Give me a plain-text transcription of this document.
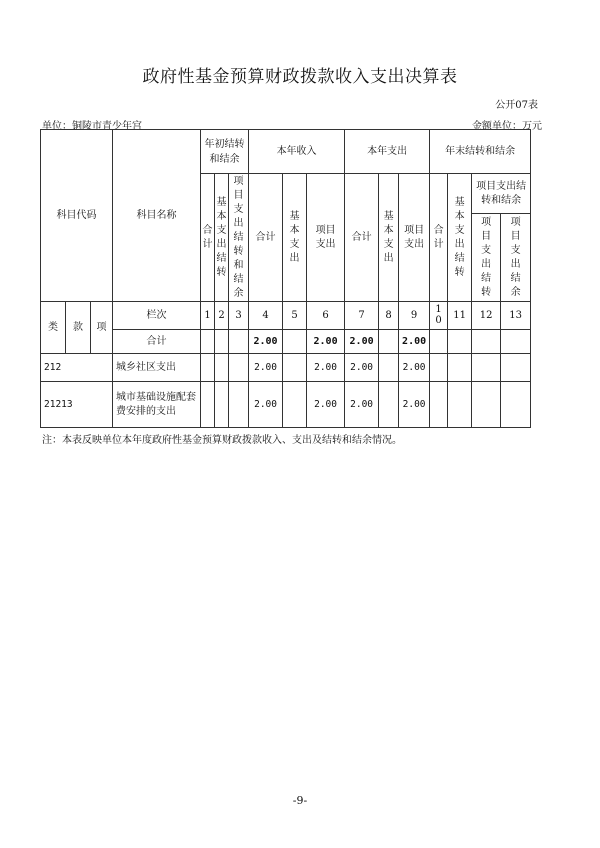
政府性基金预算财政拨款收入支出决算表
公开07表
单位：铜陵市青少年宫	金额单位：万元
科目代码			科目名称	年初结转和结余			本年收入			本年支出			年末结转和结余			
				合计	基本支出结转	项目支出结转和结余	合计	基本支出	项目支出	合计	基本支出	项目支出	合计	基本支出结转	项目支出结转和结余	
															项目支出结转	项目支出结余
类	款	项	栏次	1	2	3	4	5	6	7	8	9	10	11	12	13
			合计				2.00		2.00	2.00		2.00				
212			城乡社区支出				2.00		2.00	2.00		2.00				
21213			城市基础设施配套费安排的支出				2.00		2.00	2.00		2.00				
注：本表反映单位本年度政府性基金预算财政拨款收入、支出及结转和结余情况。
-9-
